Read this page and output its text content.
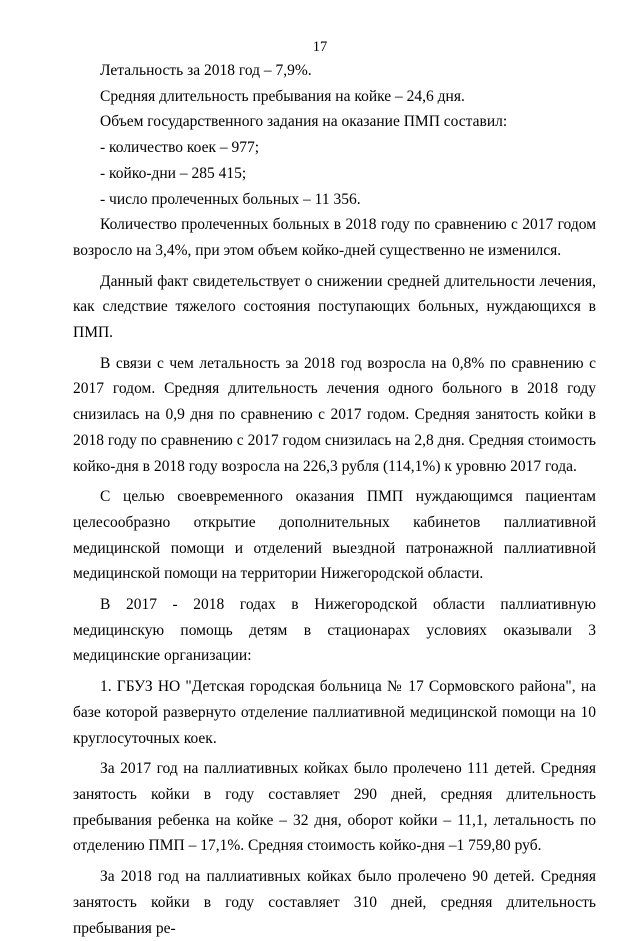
17

Летальность за 2018 год – 7,9%.

Средняя длительность пребывания на койке – 24,6 дня.

Объем государственного задания на оказание ПМП составил:

- количество коек – 977;

- койко-дни – 285 415;

- число пролеченных больных – 11 356.

Количество пролеченных больных в 2018 году по сравнению с 2017 годом возросло на 3,4%, при этом объем койко-дней существенно не изменился.

Данный факт свидетельствует о снижении средней длительности лечения, как следствие тяжелого состояния поступающих больных, нуждающихся в ПМП.

В связи с чем летальность за 2018 год возросла на 0,8% по сравнению с 2017 годом. Средняя длительность лечения одного больного в 2018 году снизилась на 0,9 дня по сравнению с 2017 годом. Средняя занятость койки в 2018 году по сравнению с 2017 годом снизилась на 2,8 дня. Средняя стоимость койко-дня в 2018 году возросла на 226,3 рубля (114,1%) к уровню 2017 года.

С целью своевременного оказания ПМП нуждающимся пациентам целесообразно открытие дополнительных кабинетов паллиативной медицинской помощи и отделений выездной патронажной паллиативной медицинской помощи на территории Нижегородской области.

В 2017 - 2018 годах в Нижегородской области паллиативную медицинскую помощь детям в стационарах условиях оказывали 3 медицинские организации:

1. ГБУЗ НО "Детская городская больница № 17 Сормовского района", на базе которой развернуто отделение паллиативной медицинской помощи на 10 круглосуточных коек.

За 2017 год на паллиативных койках было пролечено 111 детей. Средняя занятость койки в году составляет 290 дней, средняя длительность пребывания ребенка на койке – 32 дня, оборот койки – 11,1, летальность по отделению ПМП – 17,1%. Средняя стоимость койко-дня –1 759,80 руб.

За 2018 год на паллиативных койках было пролечено 90 детей. Средняя занятость койки в году составляет 310 дней, средняя длительность пребывания ре-
